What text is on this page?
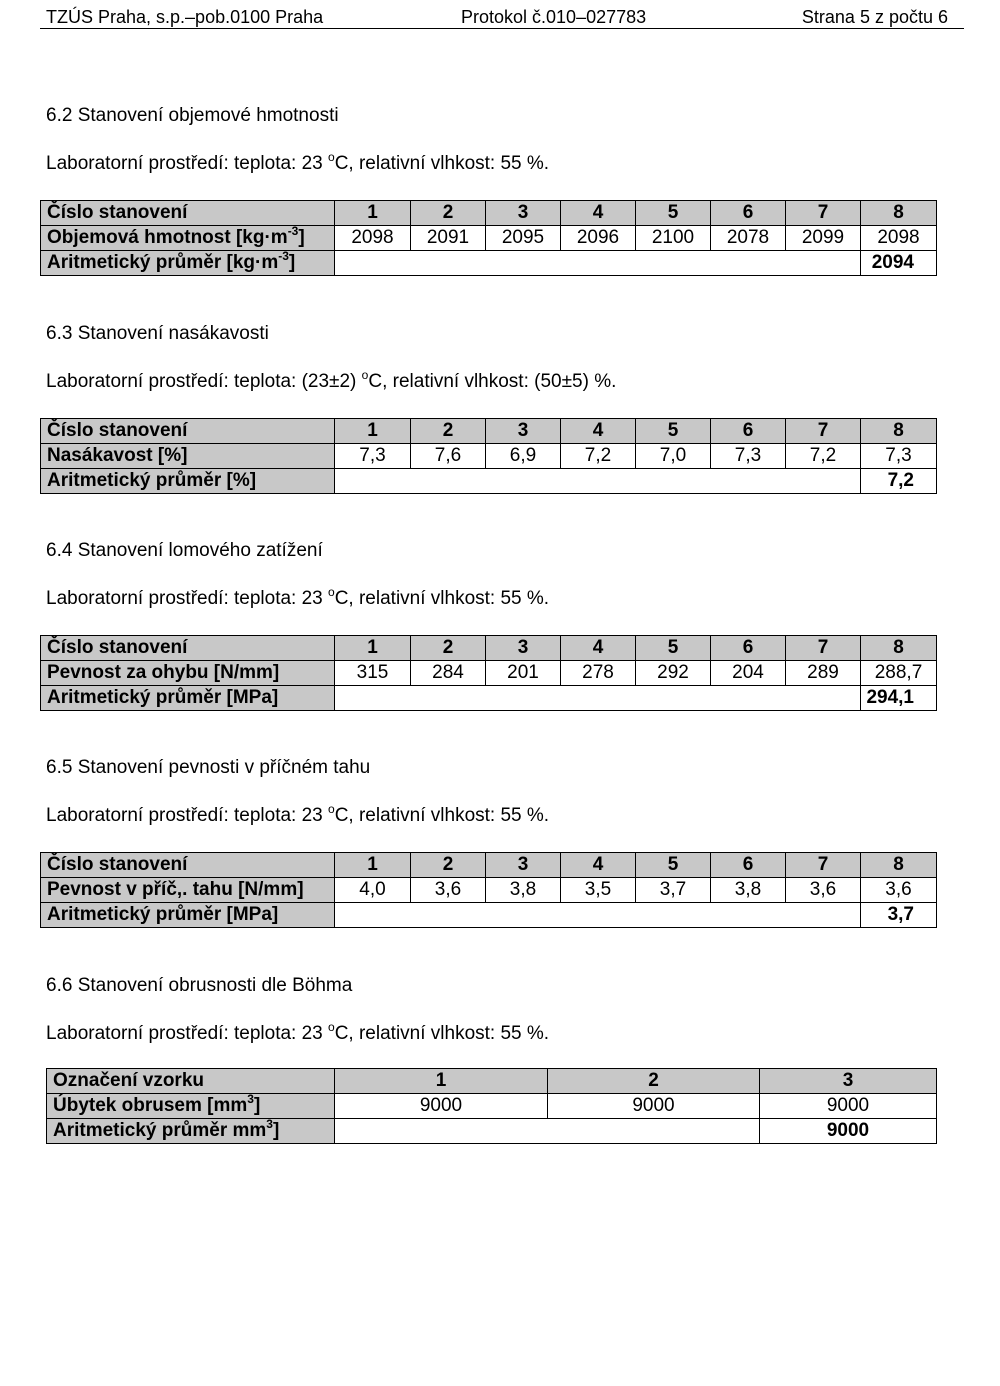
TZÚS Praha, s.p.–pob.0100 Praha	Protokol č.010–027783	Strana 5 z počtu 6
6.2 Stanovení objemové hmotnosti
Laboratorní prostředí: teplota: 23 $^o$C, relativní vlhkost: 55 %.
Číslo stanovení	1	2	3	4	5	6	7	8
Objemová hmotnost $[kg\cdot m^{-3}]$	2098	2091	2095	2096	2100	2078	2099	2098
Aritmetický průměr $[kg\cdot m^{-3}]$								2094
6.3 Stanovení nasákavosti
Laboratorní prostředí: teplota: (23±2) $^o$C, relativní vlhkost: (50±5) %.
Číslo stanovení	1	2	3	4	5	6	7	8
Nasákavost [%]	7,3	7,6	6,9	7,2	7,0	7,3	7,2	7,3
Aritmetický průměr [%]								7,2
6.4 Stanovení lomového zatížení
Laboratorní prostředí: teplota: 23 $^o$C, relativní vlhkost: 55 %.
Číslo stanovení	1	2	3	4	5	6	7	8
Pevnost za ohybu [N/mm]	315	284	201	278	292	204	289	288,7
Aritmetický průměr [MPa]								294,1
6.5 Stanovení pevnosti v příčném tahu
Laboratorní prostředí: teplota: 23 $^o$C, relativní vlhkost: 55 %.
Číslo stanovení	1	2	3	4	5	6	7	8
Pevnost v příč,. tahu [N/mm]	4,0	3,6	3,8	3,5	3,7	3,8	3,6	3,6
Aritmetický průměr [MPa]								3,7
6.6 Stanovení obrusnosti dle Böhma
Laboratorní prostředí: teplota: 23 $^o$C, relativní vlhkost: 55 %.
Označení vzorku	1	2	3
Úbytek obrusem $[mm^3]$	9000	9000	9000
Aritmetický průměr $mm^3$]			9000
